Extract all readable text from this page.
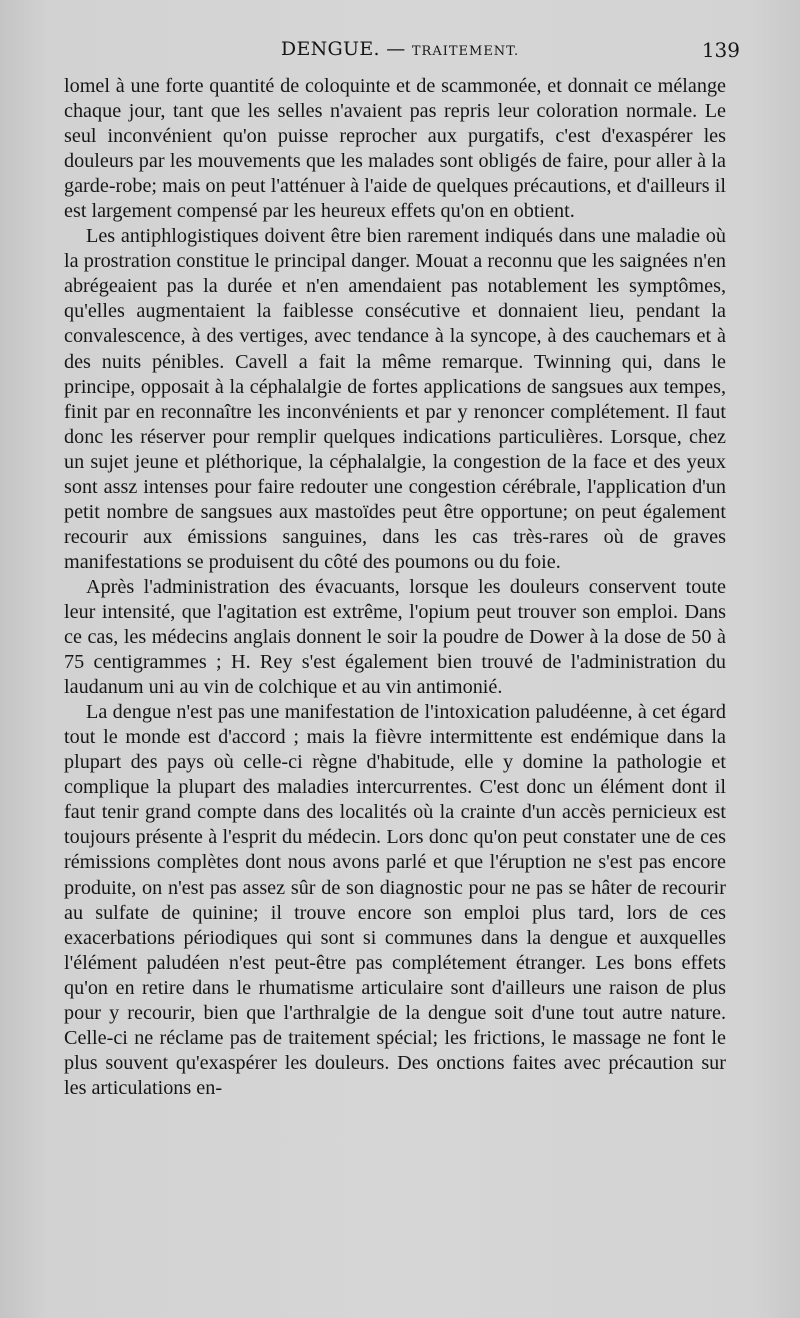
DENGUE. — TRAITEMENT.	139

lomel à une forte quantité de coloquinte et de scammonée, et donnait ce mélange chaque jour, tant que les selles n'avaient pas repris leur coloration normale. Le seul inconvénient qu'on puisse reprocher aux purgatifs, c'est d'exaspérer les douleurs par les mouvements que les malades sont obligés de faire, pour aller à la garde-robe; mais on peut l'atténuer à l'aide de quelques précautions, et d'ailleurs il est largement compensé par les heureux effets qu'on en obtient.

Les antiphlogistiques doivent être bien rarement indiqués dans une maladie où la prostration constitue le principal danger. Mouat a reconnu que les saignées n'en abrégeaient pas la durée et n'en amendaient pas notablement les symptômes, qu'elles augmentaient la faiblesse consécutive et donnaient lieu, pendant la convalescence, à des vertiges, avec tendance à la syncope, à des cauchemars et à des nuits pénibles. Cavell a fait la même remarque. Twinning qui, dans le principe, opposait à la céphalalgie de fortes applications de sangsues aux tempes, finit par en reconnaître les inconvénients et par y renoncer complétement. Il faut donc les réserver pour remplir quelques indications particulières. Lorsque, chez un sujet jeune et pléthorique, la céphalalgie, la congestion de la face et des yeux sont assz intenses pour faire redouter une congestion cérébrale, l'application d'un petit nombre de sangsues aux mastoïdes peut être opportune; on peut également recourir aux émissions sanguines, dans les cas très-rares où de graves manifestations se produisent du côté des poumons ou du foie.

Après l'administration des évacuants, lorsque les douleurs conservent toute leur intensité, que l'agitation est extrême, l'opium peut trouver son emploi. Dans ce cas, les médecins anglais donnent le soir la poudre de Dower à la dose de 50 à 75 centigrammes ; H. Rey s'est également bien trouvé de l'administration du laudanum uni au vin de colchique et au vin antimonié.

La dengue n'est pas une manifestation de l'intoxication paludéenne, à cet égard tout le monde est d'accord ; mais la fièvre intermittente est endémique dans la plupart des pays où celle-ci règne d'habitude, elle y domine la pathologie et complique la plupart des maladies intercurrentes. C'est donc un élément dont il faut tenir grand compte dans des localités où la crainte d'un accès pernicieux est toujours présente à l'esprit du médecin. Lors donc qu'on peut constater une de ces rémissions complètes dont nous avons parlé et que l'éruption ne s'est pas encore produite, on n'est pas assez sûr de son diagnostic pour ne pas se hâter de recourir au sulfate de quinine; il trouve encore son emploi plus tard, lors de ces exacerbations périodiques qui sont si communes dans la dengue et auxquelles l'élément paludéen n'est peut-être pas complétement étranger. Les bons effets qu'on en retire dans le rhumatisme articulaire sont d'ailleurs une raison de plus pour y recourir, bien que l'arthralgie de la dengue soit d'une tout autre nature. Celle-ci ne réclame pas de traitement spécial; les frictions, le massage ne font le plus souvent qu'exaspérer les douleurs. Des onctions faites avec précaution sur les articulations en-
